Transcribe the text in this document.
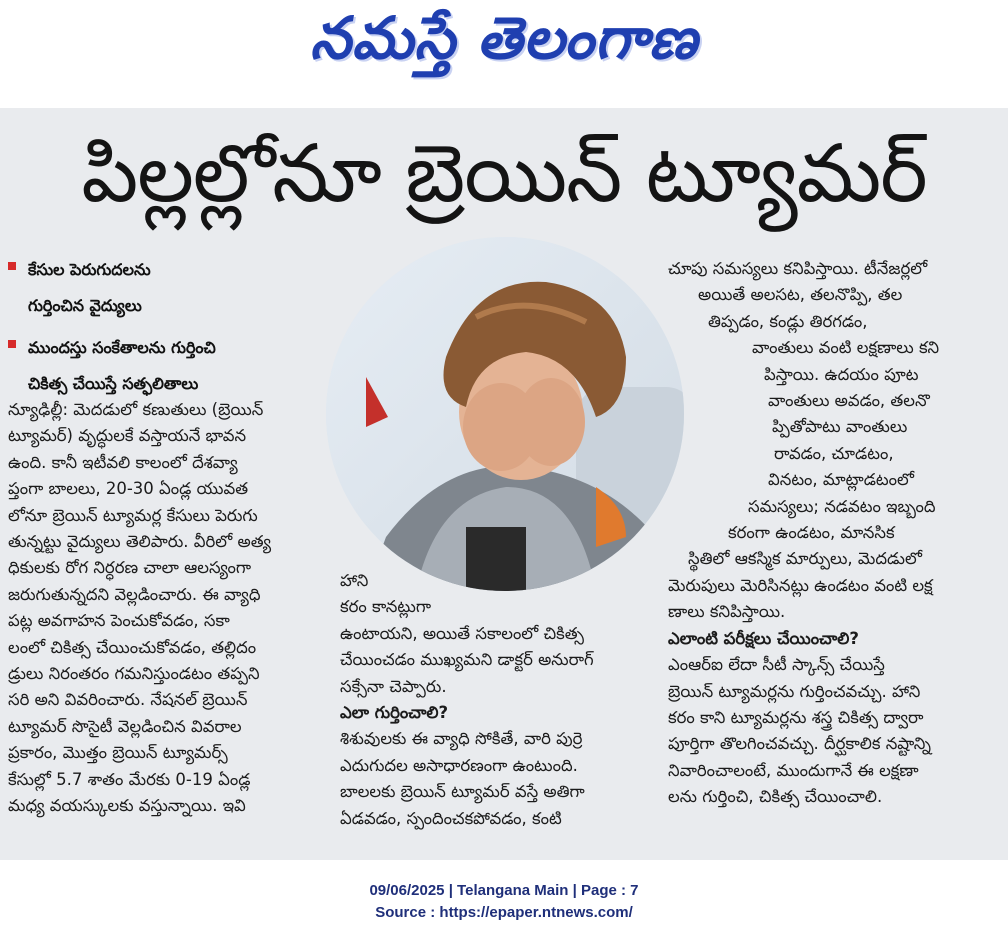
నమస్తే తెలంగాణ
పిల్లల్లోనూ బ్రెయిన్ ట్యూమర్
కేసుల పెరుగుదలను
గుర్తించిన వైద్యులు
ముందస్తు సంకేతాలను గుర్తించి
చికిత్స చేయిస్తే సత్ఫలితాలు

న్యూఢిల్లీ: మెదడులో కణుతులు (బ్రెయిన్

ట్యూమర్) వృద్ధులకే వస్తాయనే భావన

ఉంది. కానీ ఇటీవలి కాలంలో దేశవ్యా

ప్తంగా బాలలు, 20-30 ఏండ్ల యువత

లోనూ బ్రెయిన్ ట్యూమర్ల కేసులు పెరుగు

తున్నట్టు వైద్యులు తెలిపారు. వీరిలో అత్య

ధికులకు రోగ నిర్ధరణ చాలా ఆలస్యంగా

జరుగుతున్నదని వెల్లడించారు. ఈ వ్యాధి

పట్ల అవగాహన పెంచుకోవడం, సకా

లంలో చికిత్స చేయించుకోవడం, తల్లిదం

డ్రులు నిరంతరం గమనిస్తుండటం తప్పని

సరి అని వివరించారు. నేషనల్ బ్రెయిన్

ట్యూమర్ సొసైటీ వెల్లడించిన వివరాల

ప్రకారం, మొత్తం బ్రెయిన్ ట్యూమర్స్

కేసుల్లో 5.7 శాతం మేరకు 0-19 ఏండ్ల

మధ్య వయస్కులకు వస్తున్నాయి. ఇవి

హాని

కరం కానట్లుగా

ఉంటాయని, అయితే సకాలంలో చికిత్స

చేయించడం ముఖ్యమని డాక్టర్ అనురాగ్

సక్సేనా చెప్పారు.

ఎలా గుర్తించాలి?

శిశువులకు ఈ వ్యాధి సోకితే, వారి పుర్రె

ఎదుగుదల అసాధారణంగా ఉంటుంది.

బాలలకు బ్రెయిన్ ట్యూమర్ వస్తే అతిగా

ఏడవడం, స్పందించకపోవడం, కంటి

చూపు సమస్యలు కనిపిస్తాయి. టీనేజర్లలో

అయితే అలసట, తలనొప్పి, తల

తిప్పడం, కండ్లు తిరగడం,

వాంతులు వంటి లక్షణాలు కని

పిస్తాయి. ఉదయం పూట

వాంతులు అవడం, తలనొ

ప్పితోపాటు వాంతులు

రావడం, చూడటం,

వినటం, మాట్లాడటంలో

సమస్యలు; నడవటం ఇబ్బంది

కరంగా ఉండటం, మానసిక

స్థితిలో ఆకస్మిక మార్పులు, మెదడులో

మెరుపులు మెరిసినట్లు ఉండటం వంటి లక్ష

ణాలు కనిపిస్తాయి.

ఎలాంటి పరీక్షలు చేయించాలి?

ఎంఆర్ఐ లేదా సీటీ స్కాన్స్ చేయిస్తే

బ్రెయిన్ ట్యూమర్లను గుర్తించవచ్చు. హాని

కరం కాని ట్యూమర్లను శస్త్ర చికిత్స ద్వారా

పూర్తిగా తొలగించవచ్చు. దీర్ఘకాలిక నష్టాన్ని

నివారించాలంటే, ముందుగానే ఈ లక్షణా

లను గుర్తించి, చికిత్స చేయించాలి.

09/06/2025 | Telangana Main | Page : 7
Source : https://epaper.ntnews.com/
